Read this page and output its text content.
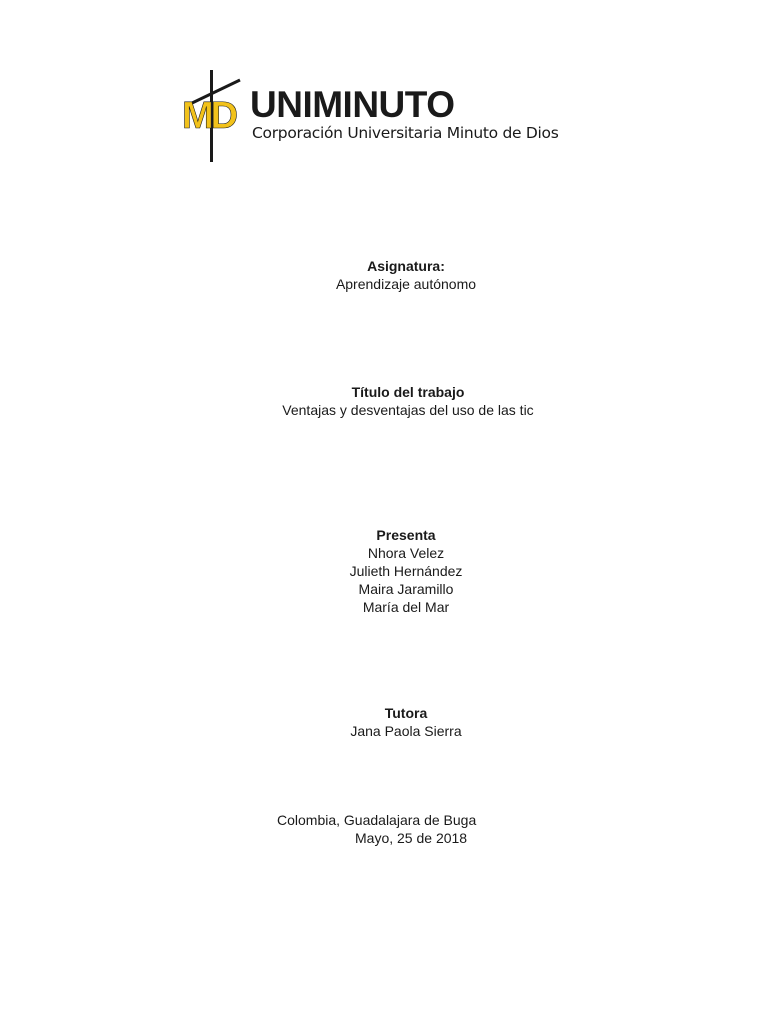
MD UNIMINUTO
Corporación Universitaria Minuto de Dios
Asignatura:
Aprendizaje autónomo
Título del trabajo
Ventajas y desventajas del uso de las tic
Presenta
Nhora Velez
Julieth Hernández
Maira Jaramillo
María del Mar
Tutora
Jana Paola Sierra
Colombia, Guadalajara de Buga
Mayo, 25 de 2018
